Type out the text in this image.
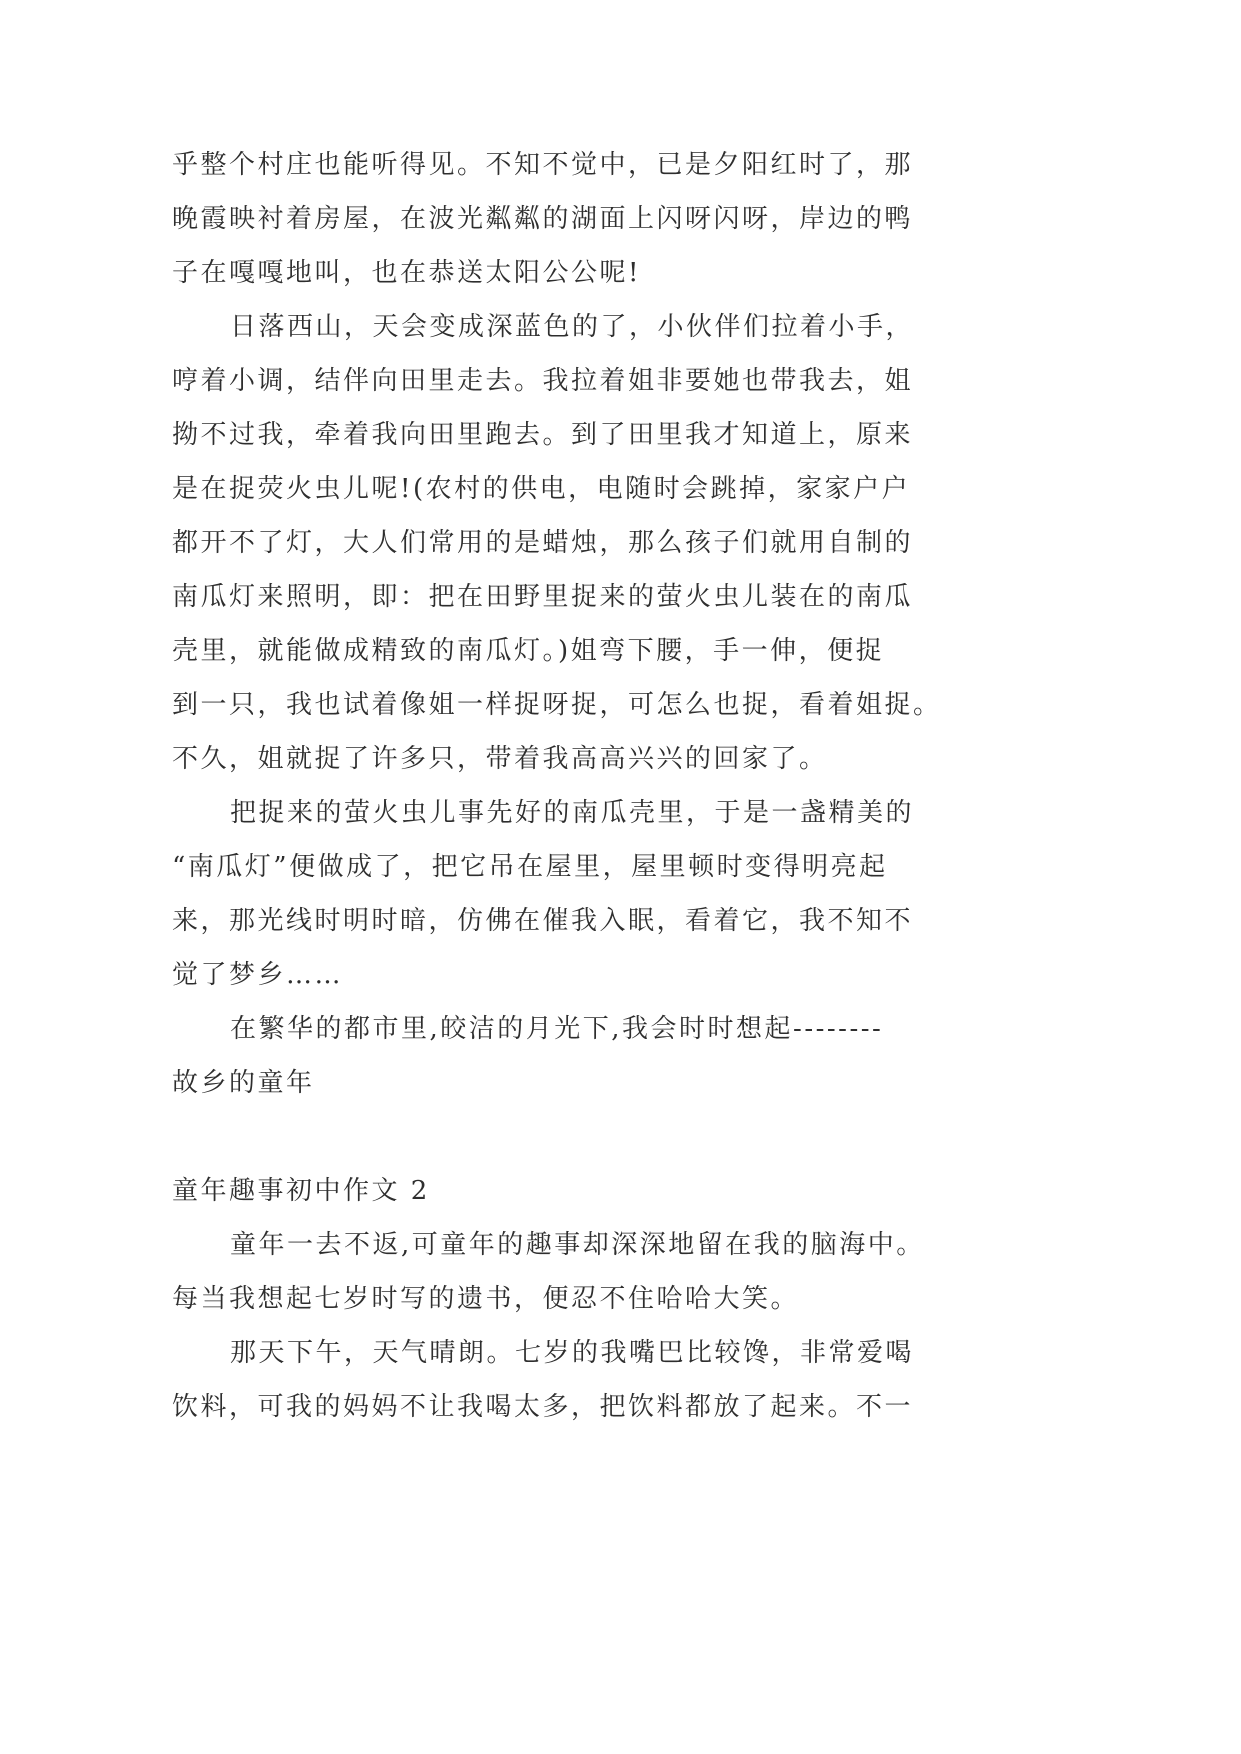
乎整个村庄也能听得见。不知不觉中，已是夕阳红时了，那
晚霞映衬着房屋，在波光粼粼的湖面上闪呀闪呀，岸边的鸭
子在嘎嘎地叫，也在恭送太阳公公呢!
日落西山，天会变成深蓝色的了，小伙伴们拉着小手，
哼着小调，结伴向田里走去。我拉着姐非要她也带我去，姐
拗不过我，牵着我向田里跑去。到了田里我才知道上，原来
是在捉荧火虫儿呢!(农村的供电，电随时会跳掉，家家户户
都开不了灯，大人们常用的是蜡烛，那么孩子们就用自制的
南瓜灯来照明，即：把在田野里捉来的萤火虫儿装在的南瓜
壳里，就能做成精致的南瓜灯。)姐弯下腰，手一伸，便捉
到一只，我也试着像姐一样捉呀捉，可怎么也捉，看着姐捉。
不久，姐就捉了许多只，带着我高高兴兴的回家了。
把捉来的萤火虫儿事先好的南瓜壳里，于是一盏精美的
“南瓜灯”便做成了，把它吊在屋里，屋里顿时变得明亮起
来，那光线时明时暗，仿佛在催我入眠，看着它，我不知不
觉了梦乡……
在繁华的都市里,皎洁的月光下,我会时时想起--------
故乡的童年
童年趣事初中作文 2
童年一去不返,可童年的趣事却深深地留在我的脑海中。
每当我想起七岁时写的遗书，便忍不住哈哈大笑。
那天下午，天气晴朗。七岁的我嘴巴比较馋，非常爱喝
饮料，可我的妈妈不让我喝太多，把饮料都放了起来。不一
